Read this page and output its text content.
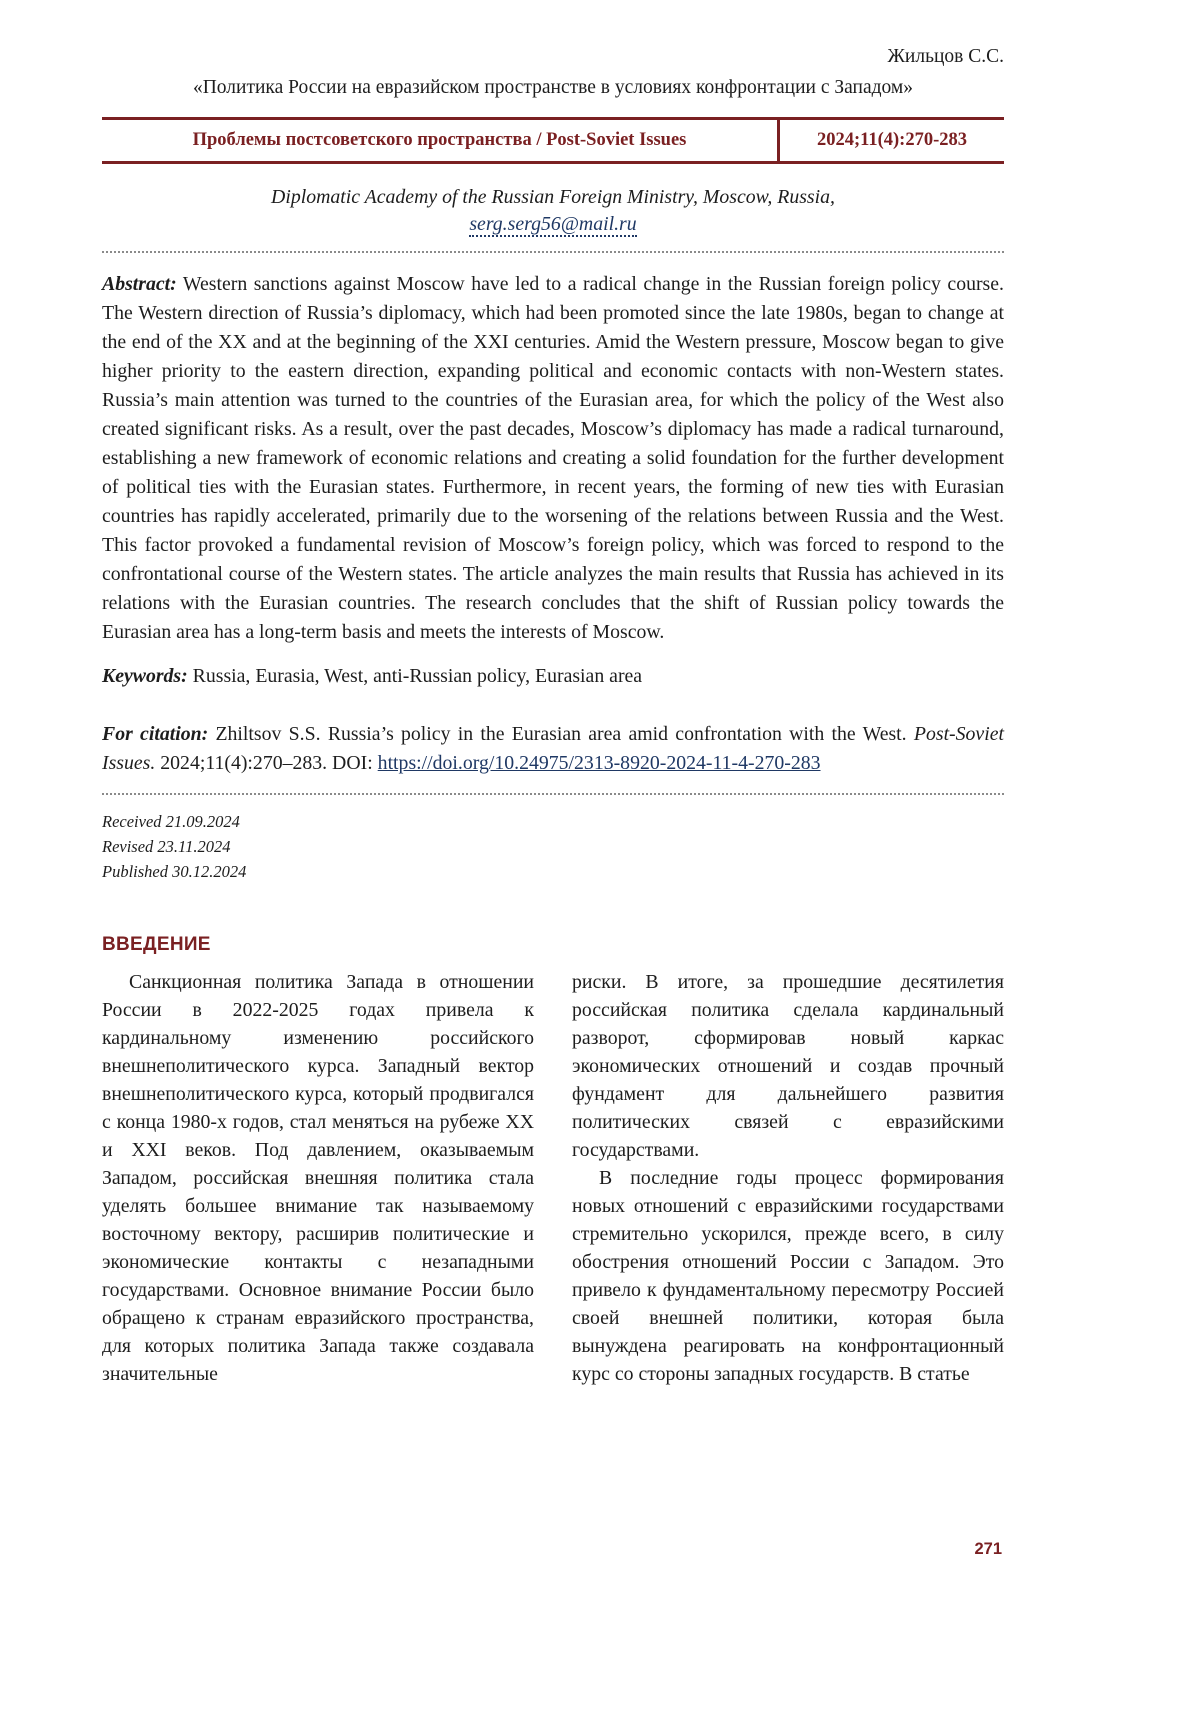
Жильцов С.С.
«Политика России на евразийском пространстве в условиях конфронтации с Западом»
Проблемы постсоветского пространства / Post-Soviet Issues	2024;11(4):270-283
Diplomatic Academy of the Russian Foreign Ministry, Moscow, Russia,
serg.serg56@mail.ru

Abstract: Western sanctions against Moscow have led to a radical change in the Russian foreign policy course. The Western direction of Russia’s diplomacy, which had been promoted since the late 1980s, began to change at the end of the XX and at the beginning of the XXI centuries. Amid the Western pressure, Moscow began to give higher priority to the eastern direction, expanding political and economic contacts with non-Western states. Russia’s main attention was turned to the countries of the Eurasian area, for which the policy of the West also created significant risks. As a result, over the past decades, Moscow’s diplomacy has made a radical turnaround, establishing a new framework of economic relations and creating a solid foundation for the further development of political ties with the Eurasian states. Furthermore, in recent years, the forming of new ties with Eurasian countries has rapidly accelerated, primarily due to the worsening of the relations between Russia and the West. This factor provoked a fundamental revision of Moscow’s foreign policy, which was forced to respond to the confrontational course of the Western states. The article analyzes the main results that Russia has achieved in its relations with the Eurasian countries. The research concludes that the shift of Russian policy towards the Eurasian area has a long-term basis and meets the interests of Moscow.

Keywords: Russia, Eurasia, West, anti-Russian policy, Eurasian area

For citation: Zhiltsov S.S. Russia’s policy in the Eurasian area amid confrontation with the West. Post-Soviet Issues. 2024;11(4):270–283. DOI: https://doi.org/10.24975/2313-8920-2024-11-4-270-283

Received 21.09.2024
Revised 23.11.2024
Published 30.12.2024
ВВЕДЕНИЕ

Санкционная политика Запада в отношении России в 2022-2025 годах привела к кардинальному изменению российского внешнеполитического курса. Западный вектор внешнеполитического курса, который продвигался с конца 1980-х годов, стал меняться на рубеже XX и XXI веков. Под давлением, оказываемым Западом, российская внешняя политика стала уделять большее внимание так называемому восточному вектору, расширив политические и экономические контакты с незападными государствами. Основное внимание России было обращено к странам евразийского пространства, для которых политика Запада также создавала значительные

риски. В итоге, за прошедшие десятилетия российская политика сделала кардинальный разворот, сформировав новый каркас экономических отношений и создав прочный фундамент для дальнейшего развития политических связей с евразийскими государствами.

В последние годы процесс формирования новых отношений с евразийскими государствами стремительно ускорился, прежде всего, в силу обострения отношений России с Западом. Это привело к фундаментальному пересмотру Россией своей внешней политики, которая была вынуждена реагировать на конфронтационный курс со стороны западных государств. В статье

271
